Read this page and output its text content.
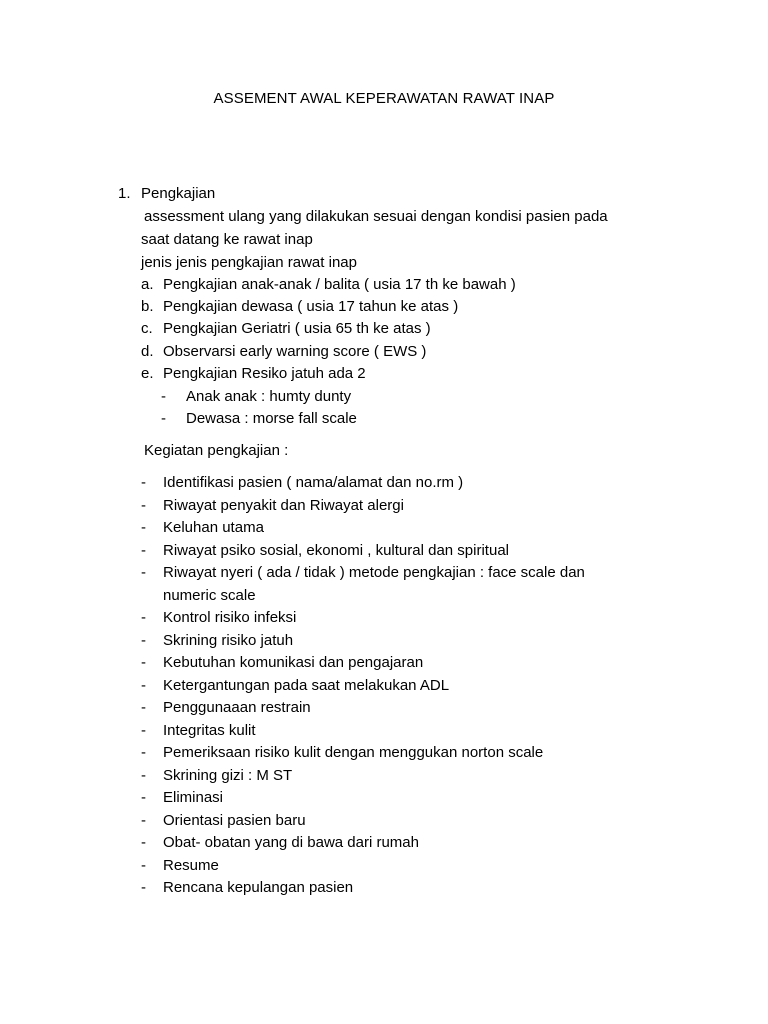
ASSEMENT AWAL KEPERAWATAN RAWAT INAP
1. Pengkajian
assessment ulang yang dilakukan sesuai dengan kondisi pasien pada
saat datang ke rawat inap
jenis jenis pengkajian rawat inap
a. Pengkajian anak-anak / balita ( usia 17 th ke bawah )
b. Pengkajian dewasa ( usia 17 tahun ke atas )
c. Pengkajian Geriatri ( usia 65 th ke atas )
d. Observarsi early warning score ( EWS )
e. Pengkajian Resiko jatuh ada 2
- Anak anak : humty dunty
- Dewasa : morse fall scale
Kegiatan pengkajian :
- Identifikasi pasien ( nama/alamat dan no.rm )
- Riwayat penyakit dan Riwayat alergi
- Keluhan utama
- Riwayat psiko sosial, ekonomi , kultural dan spiritual
- Riwayat nyeri ( ada / tidak ) metode pengkajian : face scale dan
numeric scale
- Kontrol risiko infeksi
- Skrining risiko jatuh
- Kebutuhan komunikasi dan pengajaran
- Ketergantungan pada saat melakukan ADL
- Penggunaaan restrain
- Integritas kulit
- Pemeriksaan risiko kulit dengan menggukan norton scale
- Skrining gizi : M ST
- Eliminasi
- Orientasi pasien baru
- Obat- obatan yang di bawa dari rumah
- Resume
- Rencana kepulangan pasien
